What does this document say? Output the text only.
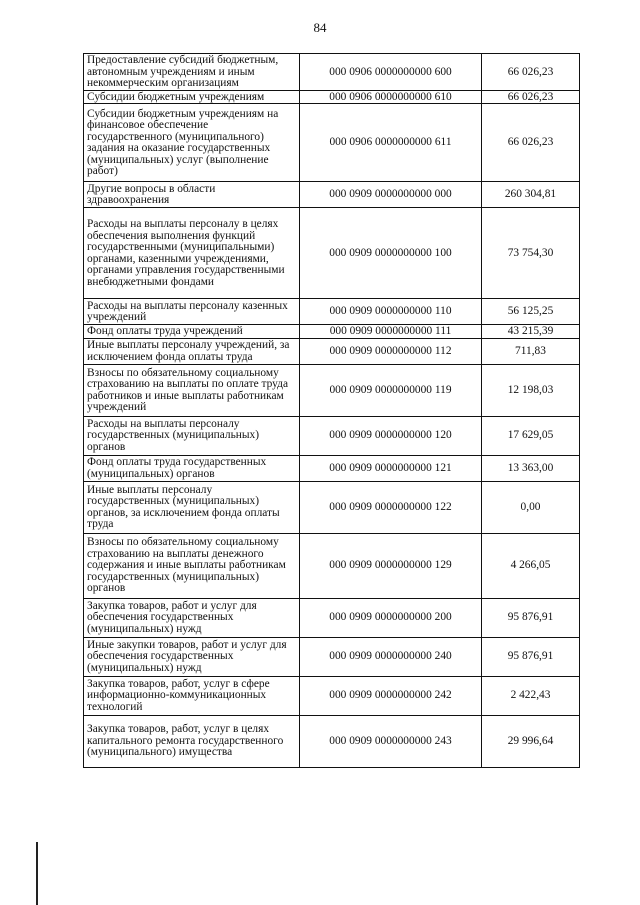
84
Предоставление субсидий бюджетным, автономным учреждениям и иным некоммерческим организациям	000 0906 0000000000 600	66 026,23
Субсидии бюджетным учреждениям	000 0906 0000000000 610	66 026,23
Субсидии бюджетным учреждениям на финансовое обеспечение государственного (муниципального) задания на оказание государственных (муниципальных) услуг (выполнение работ)	000 0906 0000000000 611	66 026,23
Другие вопросы в области здравоохранения	000 0909 0000000000 000	260 304,81
Расходы на выплаты персоналу в целях обеспечения выполнения функций государственными (муниципальными) органами, казенными учреждениями, органами управления государственными внебюджетными фондами	000 0909 0000000000 100	73 754,30
Расходы на выплаты персоналу казенных учреждений	000 0909 0000000000 110	56 125,25
Фонд оплаты труда учреждений	000 0909 0000000000 111	43 215,39
Иные выплаты персоналу учреждений, за исключением фонда оплаты труда	000 0909 0000000000 112	711,83
Взносы по обязательному социальному страхованию на выплаты по оплате труда работников и иные выплаты работникам учреждений	000 0909 0000000000 119	12 198,03
Расходы на выплаты персоналу государственных (муниципальных) органов	000 0909 0000000000 120	17 629,05
Фонд оплаты труда государственных (муниципальных) органов	000 0909 0000000000 121	13 363,00
Иные выплаты персоналу государственных (муниципальных) органов, за исключением фонда оплаты труда	000 0909 0000000000 122	0,00
Взносы по обязательному социальному страхованию на выплаты денежного содержания и иные выплаты работникам государственных (муниципальных) органов	000 0909 0000000000 129	4 266,05
Закупка товаров, работ и услуг для обеспечения государственных (муниципальных) нужд	000 0909 0000000000 200	95 876,91
Иные закупки товаров, работ и услуг для обеспечения государственных (муниципальных) нужд	000 0909 0000000000 240	95 876,91
Закупка товаров, работ, услуг в сфере информационно-коммуникационных технологий	000 0909 0000000000 242	2 422,43
Закупка товаров, работ, услуг в целях капитального ремонта государственного (муниципального) имущества	000 0909 0000000000 243	29 996,64
